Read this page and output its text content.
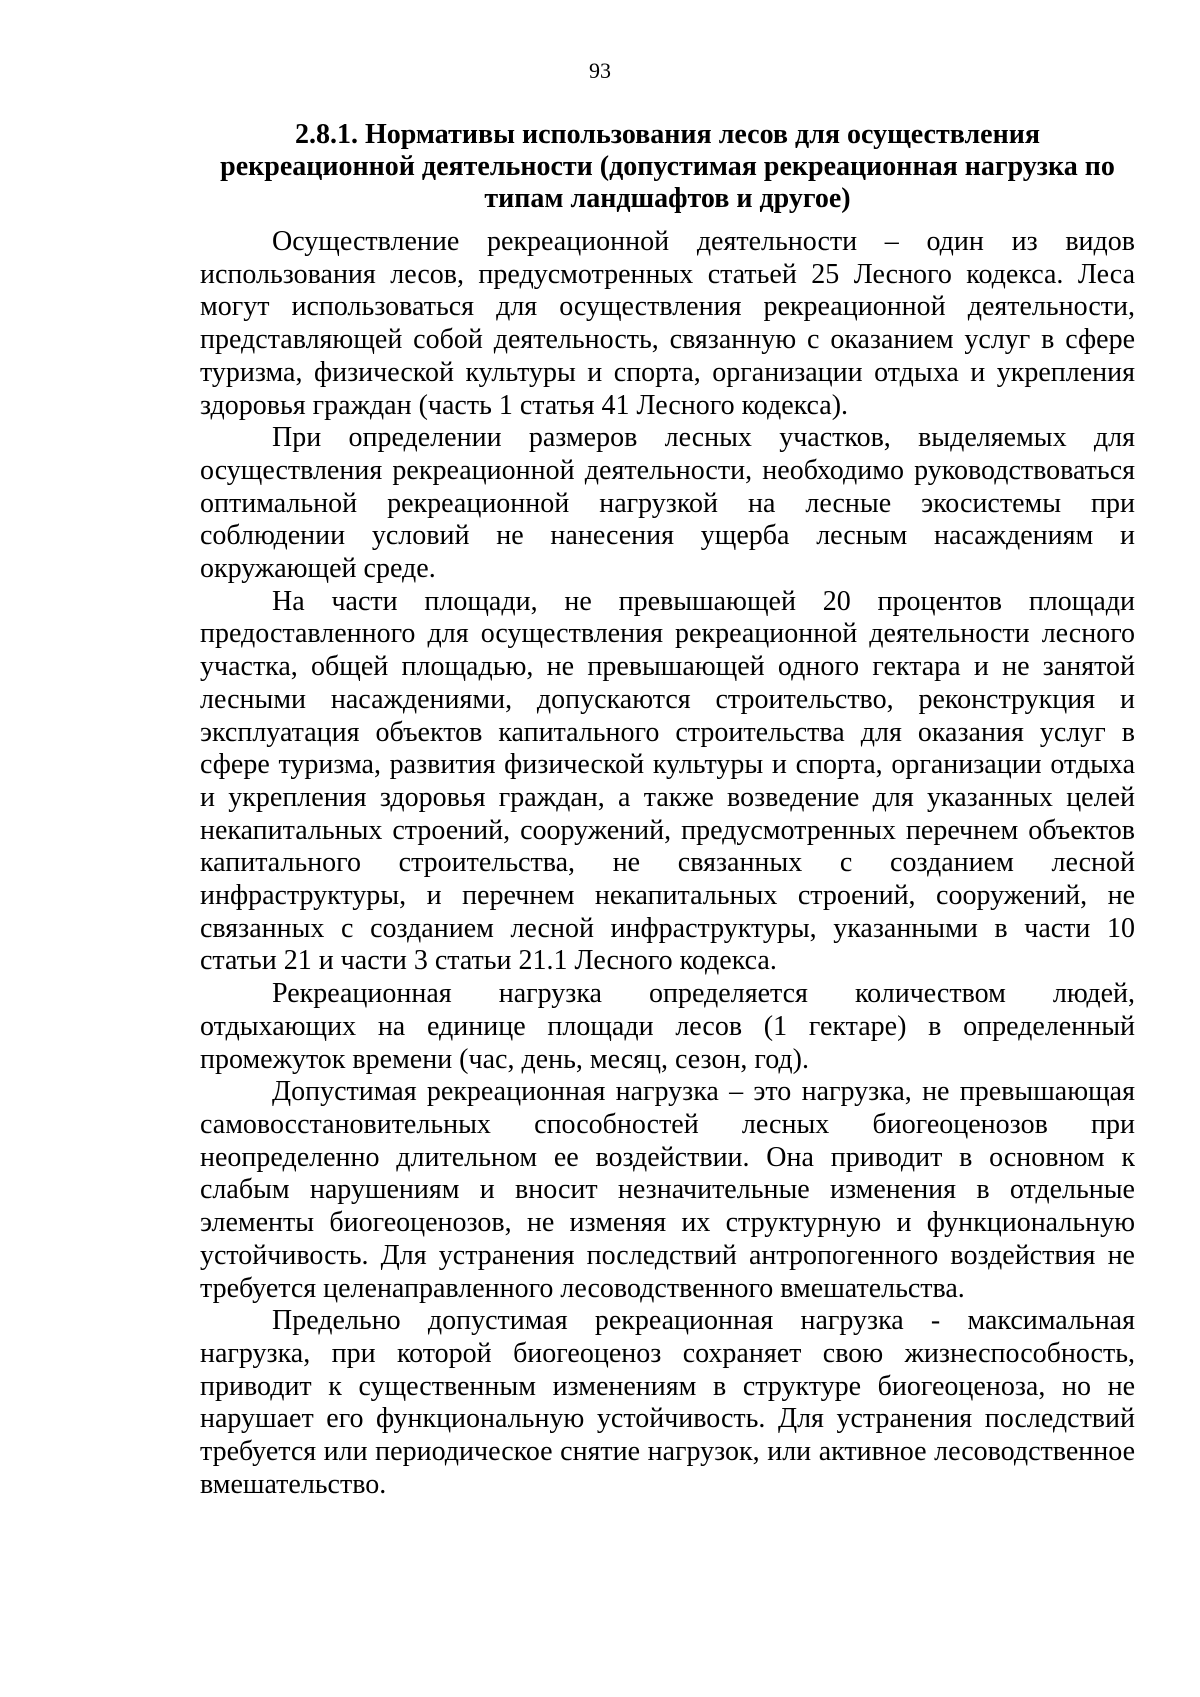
93
2.8.1. Нормативы использования лесов для осуществления рекреационной деятельности (допустимая рекреационная нагрузка по типам ландшафтов и другое)

Осуществление рекреационной деятельности – один из видов использования лесов, предусмотренных статьей 25 Лесного кодекса. Леса могут использоваться для осуществления рекреационной деятельности, представляющей собой деятельность, связанную с оказанием услуг в сфере туризма, физической культуры и спорта, организации отдыха и укрепления здоровья граждан (часть 1 статья 41 Лесного кодекса).

При определении размеров лесных участков, выделяемых для осуществления рекреационной деятельности, необходимо руководствоваться оптимальной рекреационной нагрузкой на лесные экосистемы при соблюдении условий не нанесения ущерба лесным насаждениям и окружающей среде.

На части площади, не превышающей 20 процентов площади предоставленного для осуществления рекреационной деятельности лесного участка, общей площадью, не превышающей одного гектара и не занятой лесными насаждениями, допускаются строительство, реконструкция и эксплуатация объектов капитального строительства для оказания услуг в сфере туризма, развития физической культуры и спорта, организации отдыха и укрепления здоровья граждан, а также возведение для указанных целей некапитальных строений, сооружений, предусмотренных перечнем объектов капитального строительства, не связанных с созданием лесной инфраструктуры, и перечнем некапитальных строений, сооружений, не связанных с созданием лесной инфраструктуры, указанными в части 10 статьи 21 и части 3 статьи 21.1 Лесного кодекса.

Рекреационная нагрузка определяется количеством людей, отдыхающих на единице площади лесов (1 гектаре) в определенный промежуток времени (час, день, месяц, сезон, год).

Допустимая рекреационная нагрузка – это нагрузка, не превышающая самовосстановительных способностей лесных биогеоценозов при неопределенно длительном ее воздействии. Она приводит в основном к слабым нарушениям и вносит незначительные изменения в отдельные элементы биогеоценозов, не изменяя их структурную и функциональную устойчивость. Для устранения последствий антропогенного воздействия не требуется целенаправленного лесоводственного вмешательства.

Предельно допустимая рекреационная нагрузка - максимальная нагрузка, при которой биогеоценоз сохраняет свою жизнеспособность, приводит к существенным изменениям в структуре биогеоценоза, но не нарушает его функциональную устойчивость. Для устранения последствий требуется или периодическое снятие нагрузок, или активное лесоводственное вмешательство.
